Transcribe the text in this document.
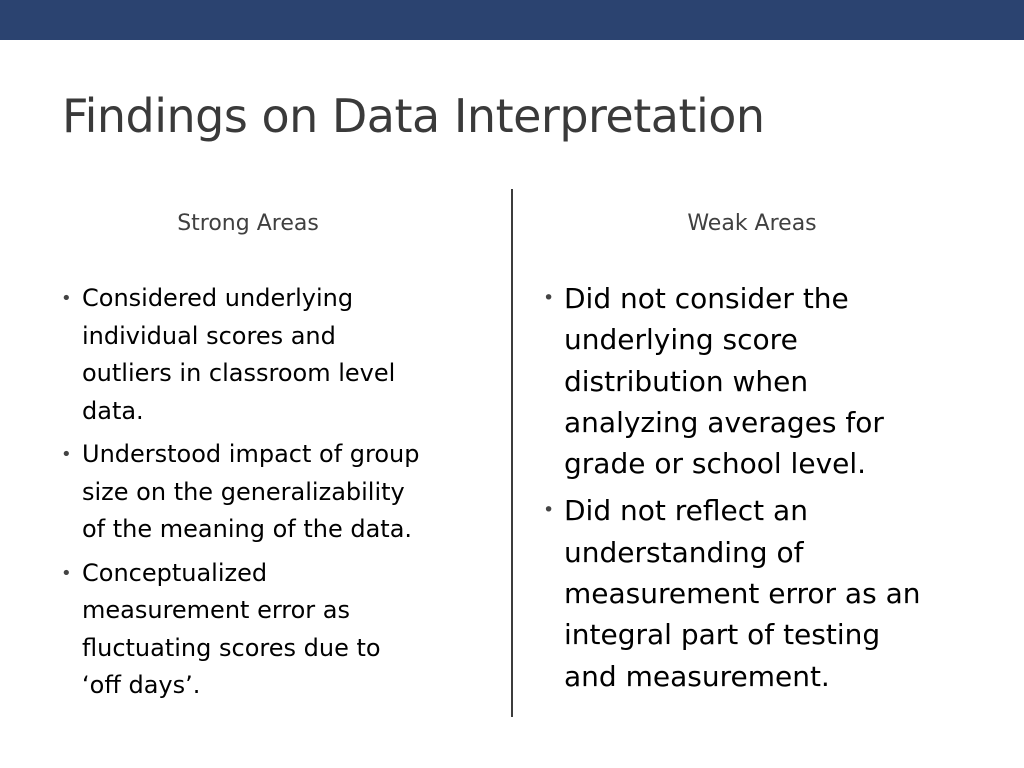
Findings on Data Interpretation
Strong Areas	Weak Areas
• Considered underlying
individual scores and
outliers in classroom level
data.
• Understood impact of group
size on the generalizability
of the meaning of the data.
• Conceptualized
measurement error as
fluctuating scores due to
‘off days’.
• Did not consider the
underlying score
distribution when
analyzing averages for
grade or school level.
• Did not reflect an
understanding of
measurement error as an
integral part of testing
and measurement.
